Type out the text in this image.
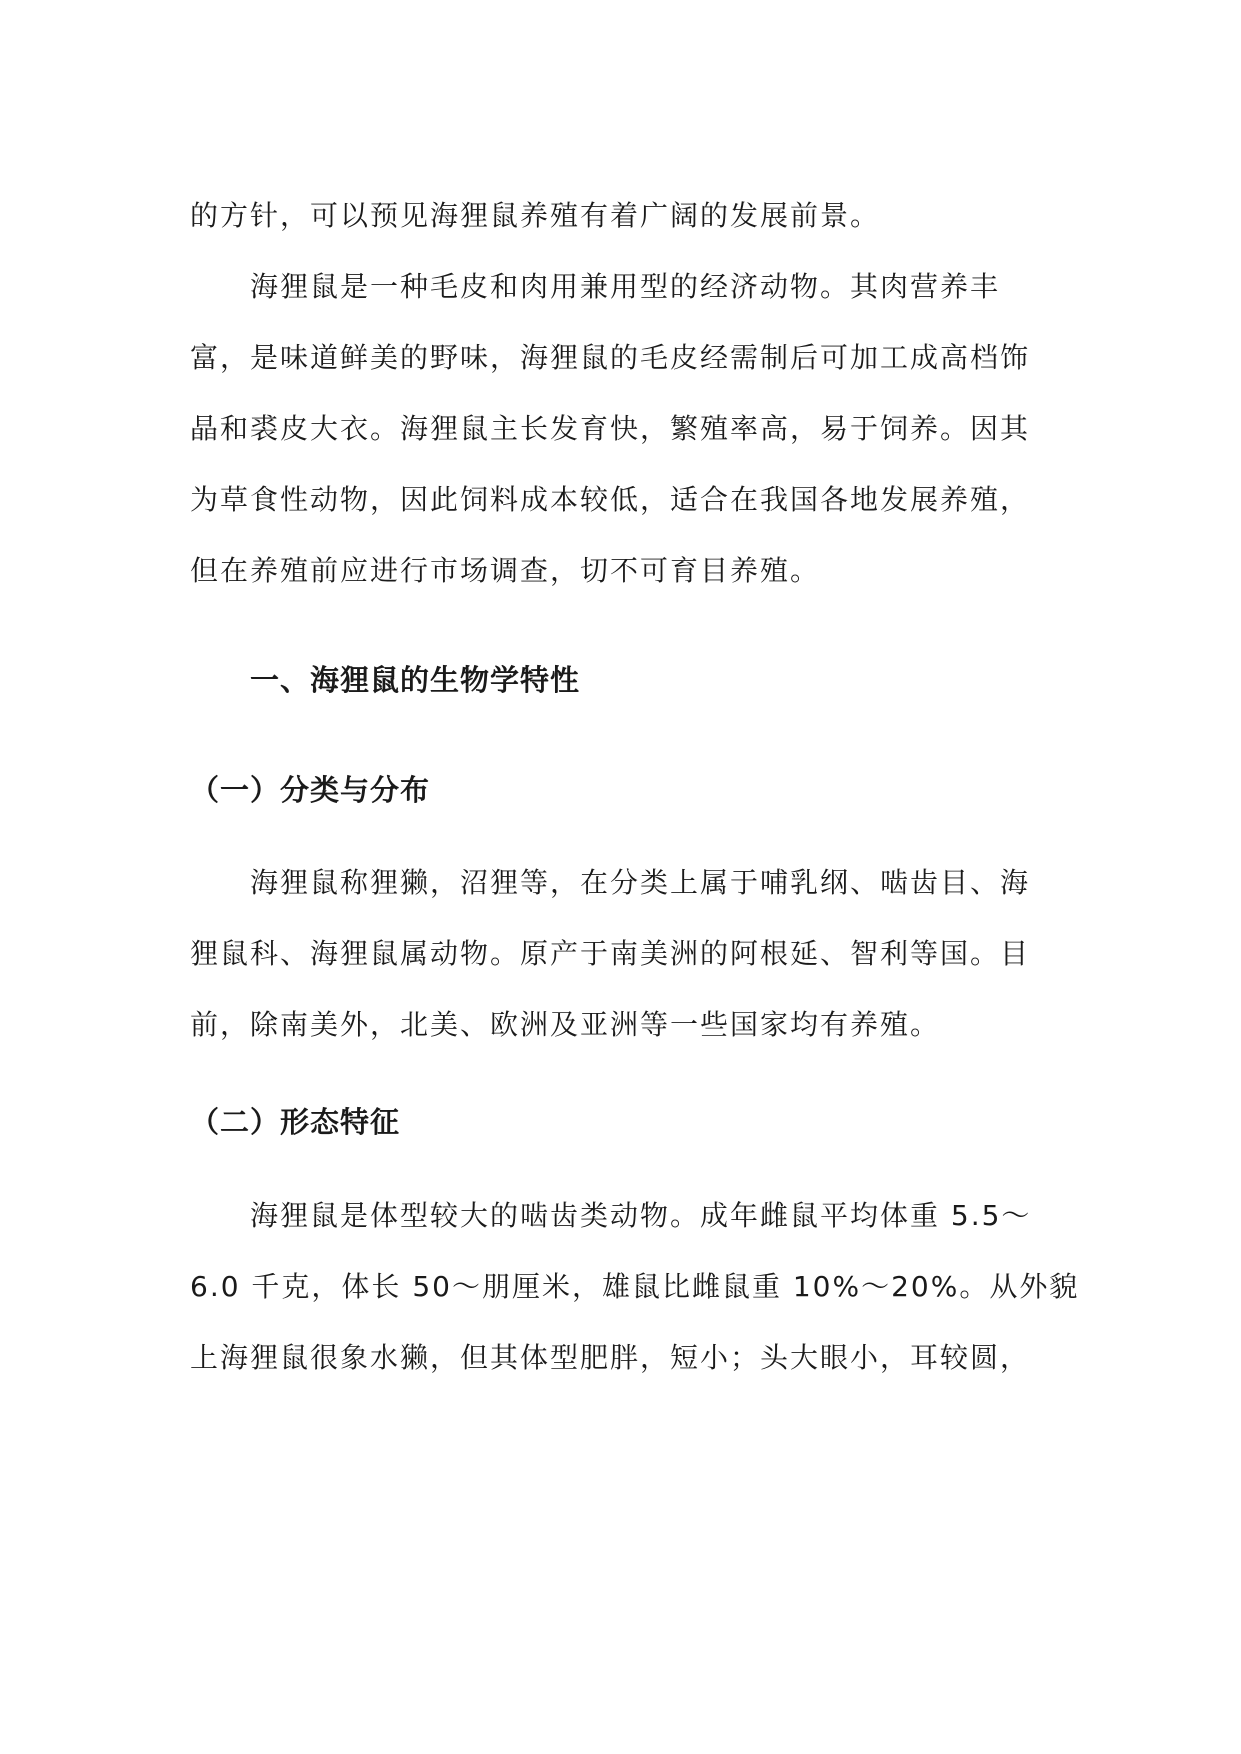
的方针，可以预见海狸鼠养殖有着广阔的发展前景。
海狸鼠是一种毛皮和肉用兼用型的经济动物。其肉营养丰
富，是味道鲜美的野味，海狸鼠的毛皮经需制后可加工成高档饰
晶和裘皮大衣。海狸鼠主长发育快，繁殖率高，易于饲养。因其
为草食性动物，因此饲料成本较低，适合在我国各地发展养殖，
但在养殖前应进行市场调查，切不可育目养殖。
一、海狸鼠的生物学特性
（一）分类与分布
海狸鼠称狸獭，沼狸等，在分类上属于哺乳纲、啮齿目、海
狸鼠科、海狸鼠属动物。原产于南美洲的阿根延、智利等国。目
前，除南美外，北美、欧洲及亚洲等一些国家均有养殖。
（二）形态特征
海狸鼠是体型较大的啮齿类动物。成年雌鼠平均体重 5.5～
6.0 千克，体长 50～朋厘米，雄鼠比雌鼠重 10%～20%。从外貌
上海狸鼠很象水獭，但其体型肥胖，短小；头大眼小，耳较圆，
